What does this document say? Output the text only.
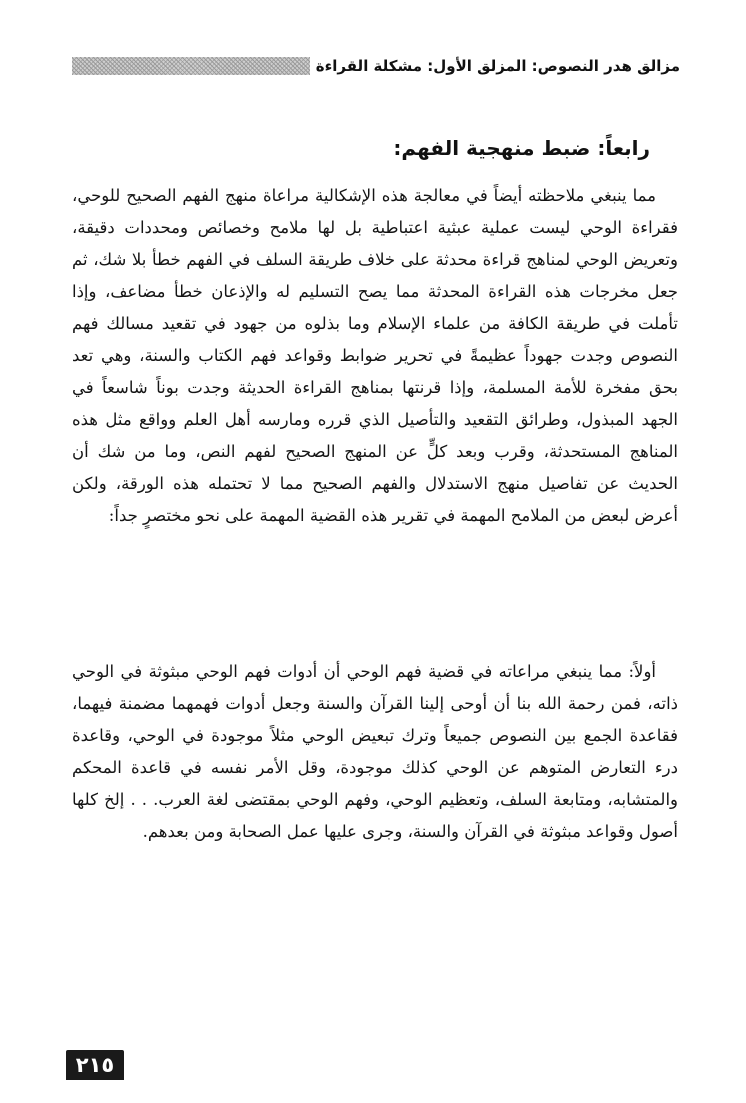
مزالق هدر النصوص: المزلق الأول: مشكلة القراءة
رابعاً: ضبط منهجية الفهم:

مما ينبغي ملاحظته أيضاً في معالجة هذه الإشكالية مراعاة منهج الفهم الصحيح للوحي، فقراءة الوحي ليست عملية عبثية اعتباطية بل لها ملامح وخصائص ومحددات دقيقة، وتعريض الوحي لمناهج قراءة محدثة على خلاف طريقة السلف في الفهم خطأ بلا شك، ثم جعل مخرجات هذه القراءة المحدثة مما يصح التسليم له والإذعان خطأ مضاعف، وإذا تأملت في طريقة الكافة من علماء الإسلام وما بذلوه من جهود في تقعيد مسالك فهم النصوص وجدت جهوداً عظيمةً في تحرير ضوابط وقواعد فهم الكتاب والسنة، وهي تعد بحق مفخرة للأمة المسلمة، وإذا قرنتها بمناهج القراءة الحديثة وجدت بوناً شاسعاً في الجهد المبذول، وطرائق التقعيد والتأصيل الذي قرره ومارسه أهل العلم وواقع مثل هذه المناهج المستحدثة، وقرب وبعد كلٍّ عن المنهج الصحيح لفهم النص، وما من شك أن الحديث عن تفاصيل منهج الاستدلال والفهم الصحيح مما لا تحتمله هذه الورقة، ولكن أعرض لبعض من الملامح المهمة في تقرير هذه القضية المهمة على نحو مختصرٍ جداً:

أولاً: مما ينبغي مراعاته في قضية فهم الوحي أن أدوات فهم الوحي مبثوثة في الوحي ذاته، فمن رحمة الله بنا أن أوحى إلينا القرآن والسنة وجعل أدوات فهمهما مضمنة فيهما، فقاعدة الجمع بين النصوص جميعاً وترك تبعيض الوحي مثلاً موجودة في الوحي، وقاعدة درء التعارض المتوهم عن الوحي كذلك موجودة، وقل الأمر نفسه في قاعدة المحكم والمتشابه، ومتابعة السلف، وتعظيم الوحي، وفهم الوحي بمقتضى لغة العرب. . . إلخ كلها أصول وقواعد مبثوثة في القرآن والسنة، وجرى عليها عمل الصحابة ومن بعدهم.

٢١٥
